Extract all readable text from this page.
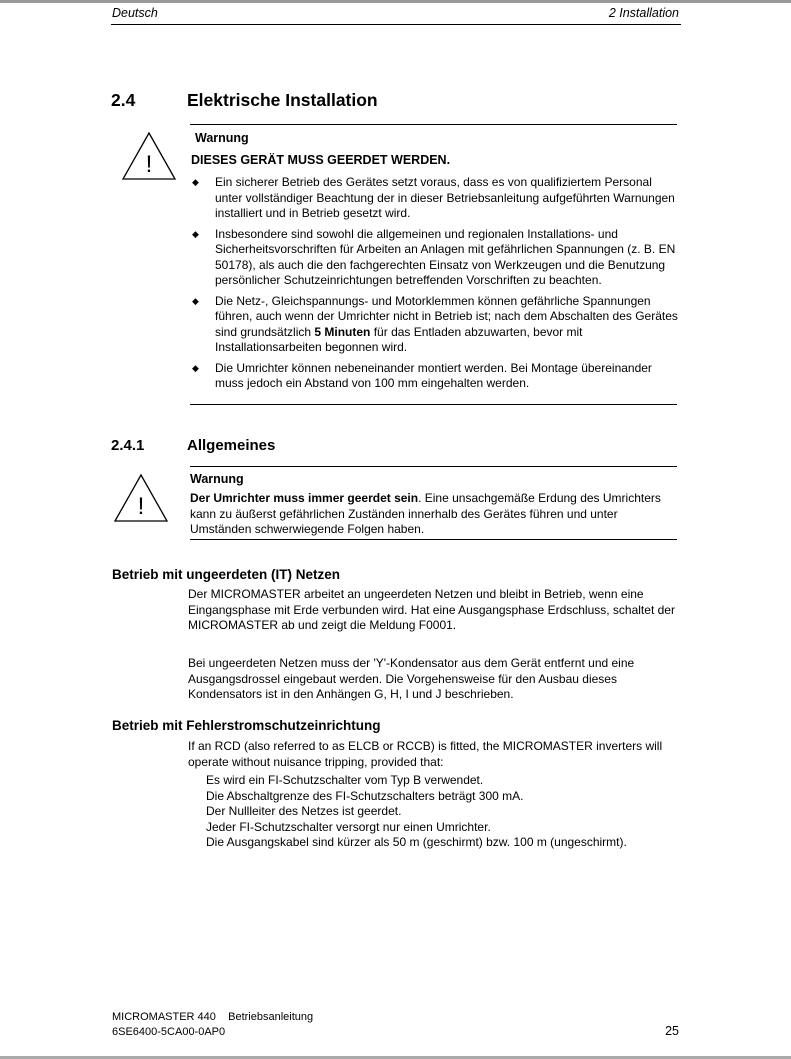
Deutsch	2 Installation
2.4	Elektrische Installation
!
Warnung
DIESES GERÄT MUSS GEERDET WERDEN.
◆ Ein sicherer Betrieb des Gerätes setzt voraus, dass es von qualifiziertem Personal unter vollständiger Beachtung der in dieser Betriebsanleitung aufgeführten Warnungen installiert und in Betrieb gesetzt wird.
◆ Insbesondere sind sowohl die allgemeinen und regionalen Installations- und Sicherheitsvorschriften für Arbeiten an Anlagen mit gefährlichen Spannungen (z. B. EN 50178), als auch die den fachgerechten Einsatz von Werkzeugen und die Benutzung persönlicher Schutzeinrichtungen betreffenden Vorschriften zu beachten.
◆ Die Netz-, Gleichspannungs- und Motorklemmen können gefährliche Spannungen führen, auch wenn der Umrichter nicht in Betrieb ist; nach dem Abschalten des Gerätes sind grundsätzlich 5 Minuten für das Entladen abzuwarten, bevor mit Installationsarbeiten begonnen wird.
◆ Die Umrichter können nebeneinander montiert werden. Bei Montage übereinander muss jedoch ein Abstand von 100 mm eingehalten werden.
2.4.1	Allgemeines
!
Warnung
Der Umrichter muss immer geerdet sein. Eine unsachgemäße Erdung des Umrichters kann zu äußerst gefährlichen Zuständen innerhalb des Gerätes führen und unter Umständen schwerwiegende Folgen haben.
Betrieb mit ungeerdeten (IT) Netzen
Der MICROMASTER arbeitet an ungeerdeten Netzen und bleibt in Betrieb, wenn eine Eingangsphase mit Erde verbunden wird. Hat eine Ausgangsphase Erdschluss, schaltet der MICROMASTER ab und zeigt die Meldung F0001.
Bei ungeerdeten Netzen muss der 'Y'-Kondensator aus dem Gerät entfernt und eine Ausgangsdrossel eingebaut werden. Die Vorgehensweise für den Ausbau dieses Kondensators ist in den Anhängen G, H, I und J beschrieben.
Betrieb mit Fehlerstromschutzeinrichtung
If an RCD (also referred to as ELCB or RCCB) is fitted, the MICROMASTER inverters will operate without nuisance tripping, provided that:

Es wird ein FI-Schutzschalter vom Typ B verwendet.

Die Abschaltgrenze des FI-Schutzschalters beträgt 300 mA.

Der Nullleiter des Netzes ist geerdet.

Jeder FI-Schutzschalter versorgt nur einen Umrichter.

Die Ausgangskabel sind kürzer als 50 m (geschirmt) bzw. 100 m (ungeschirmt).

MICROMASTER 440    Betriebsanleitung
6SE6400-5CA00-0AP0	25
